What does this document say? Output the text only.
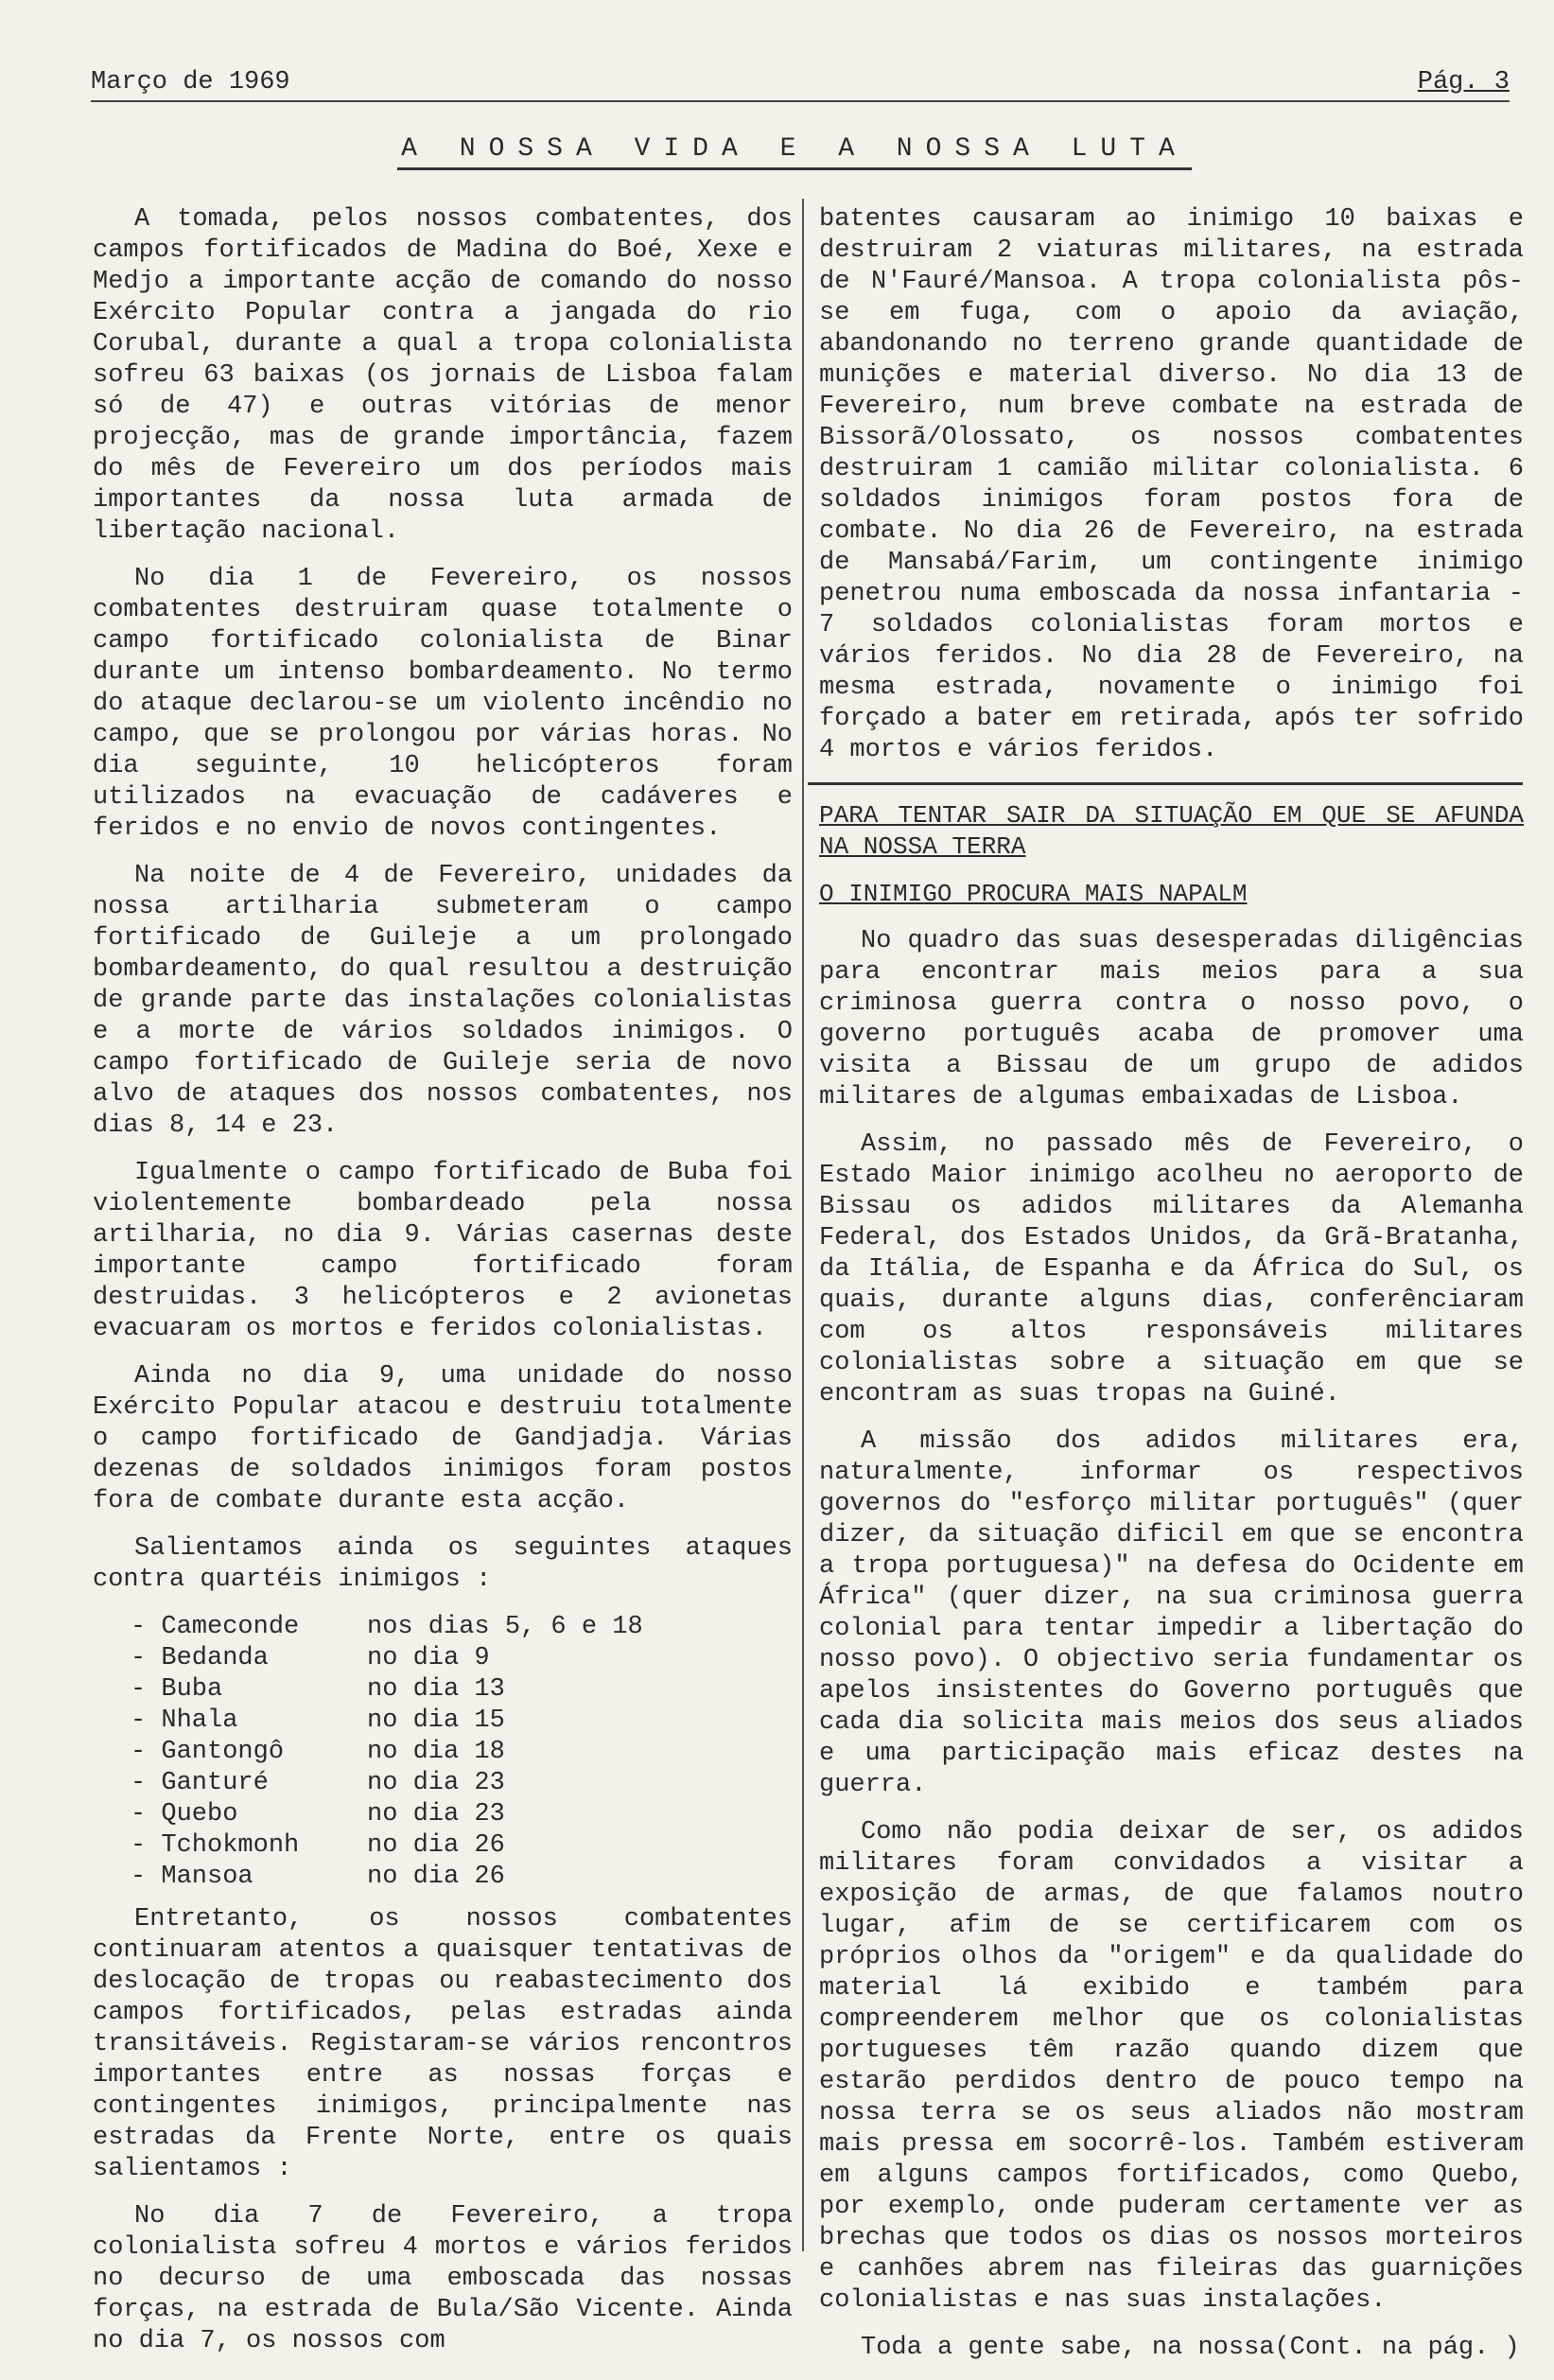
Março de 1969	Pág. 3
A NOSSA VIDA E A NOSSA LUTA

A tomada, pelos nossos combatentes, dos campos fortificados de Madina do Boé, Xexe e Medjo a importante acção de comando do nosso Exército Popular contra a jangada do rio Corubal, durante a qual a tropa colonialista sofreu 63 baixas (os jornais de Lisboa falam só de 47) e outras vitórias de menor projecção, mas de grande importância, fazem do mês de Fevereiro um dos períodos mais importantes da nossa luta armada de libertação nacional.

No dia 1 de Fevereiro, os nossos combatentes destruiram quase totalmente o campo fortificado colonialista de Binar durante um intenso bombardeamento. No termo do ataque declarou-se um violento incêndio no campo, que se prolongou por várias horas. No dia seguinte, 10 helicópteros foram utilizados na evacuação de cadáveres e feridos e no envio de novos contingentes.

Na noite de 4 de Fevereiro, unidades da nossa artilharia submeteram o campo fortificado de Guileje a um prolongado bombardeamento, do qual resultou a destruição de grande parte das instalações colonialistas e a morte de vários soldados inimigos. O campo fortificado de Guileje seria de novo alvo de ataques dos nossos combatentes, nos dias 8, 14 e 23.

Igualmente o campo fortificado de Buba foi violentemente bombardeado pela nossa artilharia, no dia 9. Várias casernas deste importante campo fortificado foram destruidas. 3 helicópteros e 2 avionetas evacuaram os mortos e feridos colonialistas.

Ainda no dia 9, uma unidade do nosso Exército Popular atacou e destruiu totalmente o campo fortificado de Gandjadja. Várias dezenas de soldados inimigos foram postos fora de combate durante esta acção.

Salientamos ainda os seguintes ataques contra quartéis inimigos :

- Cameconde	nos dias 5, 6 e 18
- Bedanda	no dia 9
- Buba	no dia 13
- Nhala	no dia 15
- Gantongô	no dia 18
- Ganturé	no dia 23
- Quebo	no dia 23
- Tchokmonh	no dia 26
- Mansoa	no dia 26

Entretanto, os nossos combatentes continuaram atentos a quaisquer tentativas de deslocação de tropas ou reabastecimento dos campos fortificados, pelas estradas ainda transitáveis. Registaram-se vários rencontros importantes entre as nossas forças e contingentes inimigos, principalmente nas estradas da Frente Norte, entre os quais salientamos :

No dia 7 de Fevereiro, a tropa colonialista sofreu 4 mortos e vários feridos no decurso de uma emboscada das nossas forças, na estrada de Bula/São Vicente. Ainda no dia 7, os nossos com

batentes causaram ao inimigo 10 baixas e destruiram 2 viaturas militares, na estrada de N'Fauré/Mansoa. A tropa colonialista pôs-se em fuga, com o apoio da aviação, abandonando no terreno grande quantidade de munições e material diverso. No dia 13 de Fevereiro, num breve combate na estrada de Bissorã/Olossato, os nossos combatentes destruiram 1 camião militar colonialista. 6 soldados inimigos foram postos fora de combate. No dia 26 de Fevereiro, na estrada de Mansabá/Farim, um contingente inimigo penetrou numa emboscada da nossa infantaria - 7 soldados colonialistas foram mortos e vários feridos. No dia 28 de Fevereiro, na mesma estrada, novamente o inimigo foi forçado a bater em retirada, após ter sofrido 4 mortos e vários feridos.

PARA TENTAR SAIR DA SITUAÇÃO EM QUE SE AFUNDA NA NOSSA TERRA

O INIMIGO PROCURA MAIS NAPALM

No quadro das suas desesperadas diligências para encontrar mais meios para a sua criminosa guerra contra o nosso povo, o governo português acaba de promover uma visita a Bissau de um grupo de adidos militares de algumas embaixadas de Lisboa.

Assim, no passado mês de Fevereiro, o Estado Maior inimigo acolheu no aeroporto de Bissau os adidos militares da Alemanha Federal, dos Estados Unidos, da Grã-Bratanha, da Itália, de Espanha e da África do Sul, os quais, durante alguns dias, conferênciaram com os altos responsáveis militares colonialistas sobre a situação em que se encontram as suas tropas na Guiné.

A missão dos adidos militares era, naturalmente, informar os respectivos governos do "esforço militar português" (quer dizer, da situação dificil em que se encontra a tropa portuguesa)" na defesa do Ocidente em África" (quer dizer, na sua criminosa guerra colonial para tentar impedir a libertação do nosso povo). O objectivo seria fundamentar os apelos insistentes do Governo português que cada dia solicita mais meios dos seus aliados e uma participação mais eficaz destes na guerra.

Como não podia deixar de ser, os adidos militares foram convidados a visitar a exposição de armas, de que falamos noutro lugar, afim de se certificarem com os próprios olhos da "origem" e da qualidade do material lá exibido e também para compreenderem melhor que os colonialistas portugueses têm razão quando dizem que estarão perdidos dentro de pouco tempo na nossa terra se os seus aliados não mostram mais pressa em socorrê-los. Também estiveram em alguns campos fortificados, como Quebo, por exemplo, onde puderam certamente ver as brechas que todos os dias os nossos morteiros e canhões abrem nas fileiras das guarnições colonialistas e nas suas instalações.

Toda a gente sabe, na nossa(Cont. na pág. )
